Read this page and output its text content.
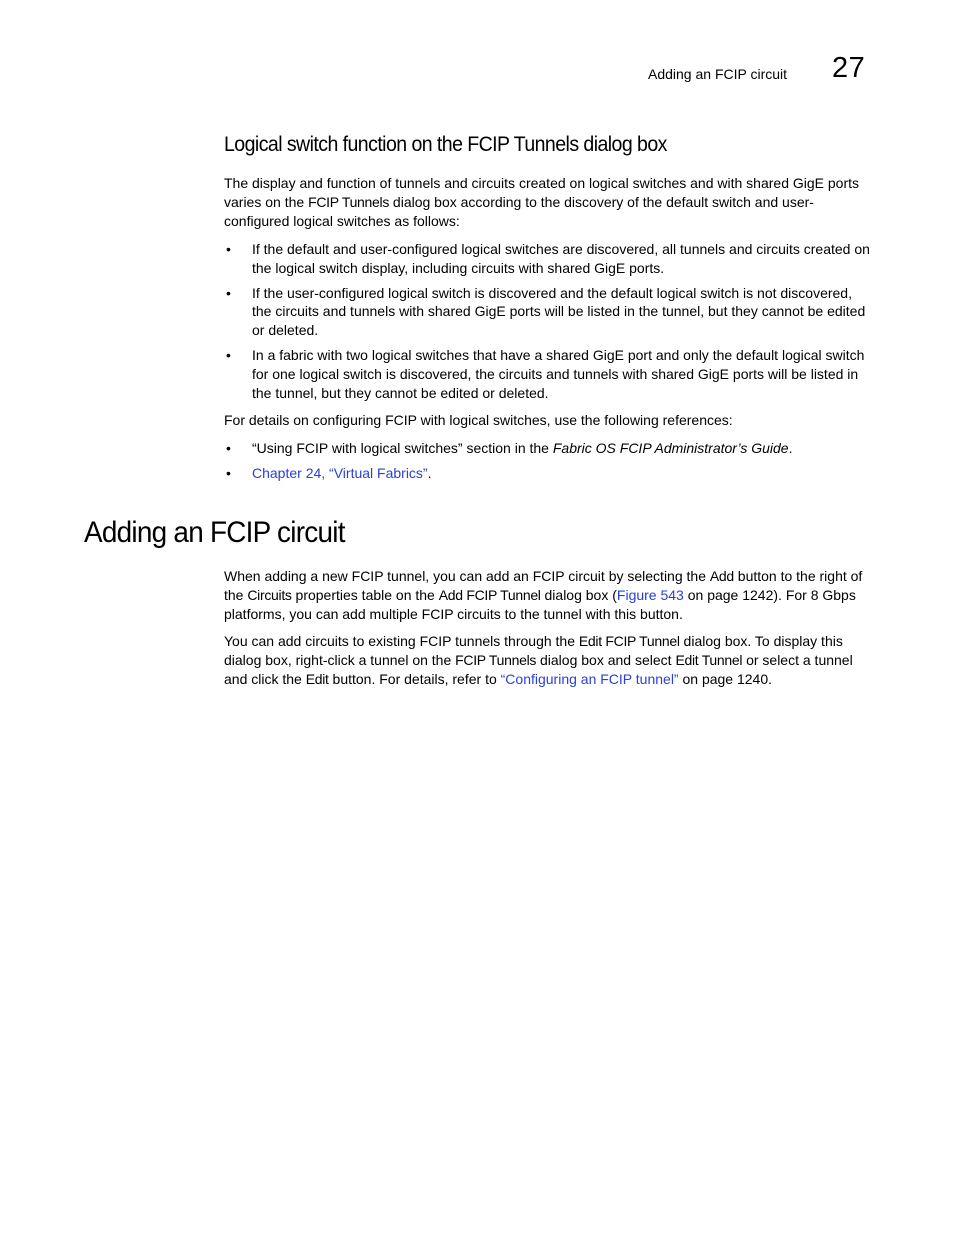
Adding an FCIP circuit 27
Logical switch function on the FCIP Tunnels dialog box

The display and function of tunnels and circuits created on logical switches and with shared GigE ports varies on the FCIP Tunnels dialog box according to the discovery of the default switch and user-configured logical switches as follows:

• If the default and user-configured logical switches are discovered, all tunnels and circuits created on the logical switch display, including circuits with shared GigE ports.
• If the user-configured logical switch is discovered and the default logical switch is not discovered, the circuits and tunnels with shared GigE ports will be listed in the tunnel, but they cannot be edited or deleted.
• In a fabric with two logical switches that have a shared GigE port and only the default logical switch for one logical switch is discovered, the circuits and tunnels with shared GigE ports will be listed in the tunnel, but they cannot be edited or deleted.

For details on configuring FCIP with logical switches, use the following references:

• “Using FCIP with logical switches” section in the Fabric OS FCIP Administrator’s Guide.
• Chapter 24, “Virtual Fabrics”.
Adding an FCIP circuit

When adding a new FCIP tunnel, you can add an FCIP circuit by selecting the Add button to the right of the Circuits properties table on the Add FCIP Tunnel dialog box (Figure 543 on page 1242). For 8 Gbps platforms, you can add multiple FCIP circuits to the tunnel with this button.

You can add circuits to existing FCIP tunnels through the Edit FCIP Tunnel dialog box. To display this dialog box, right-click a tunnel on the FCIP Tunnels dialog box and select Edit Tunnel or select a tunnel and click the Edit button. For details, refer to “Configuring an FCIP tunnel” on page 1240.
